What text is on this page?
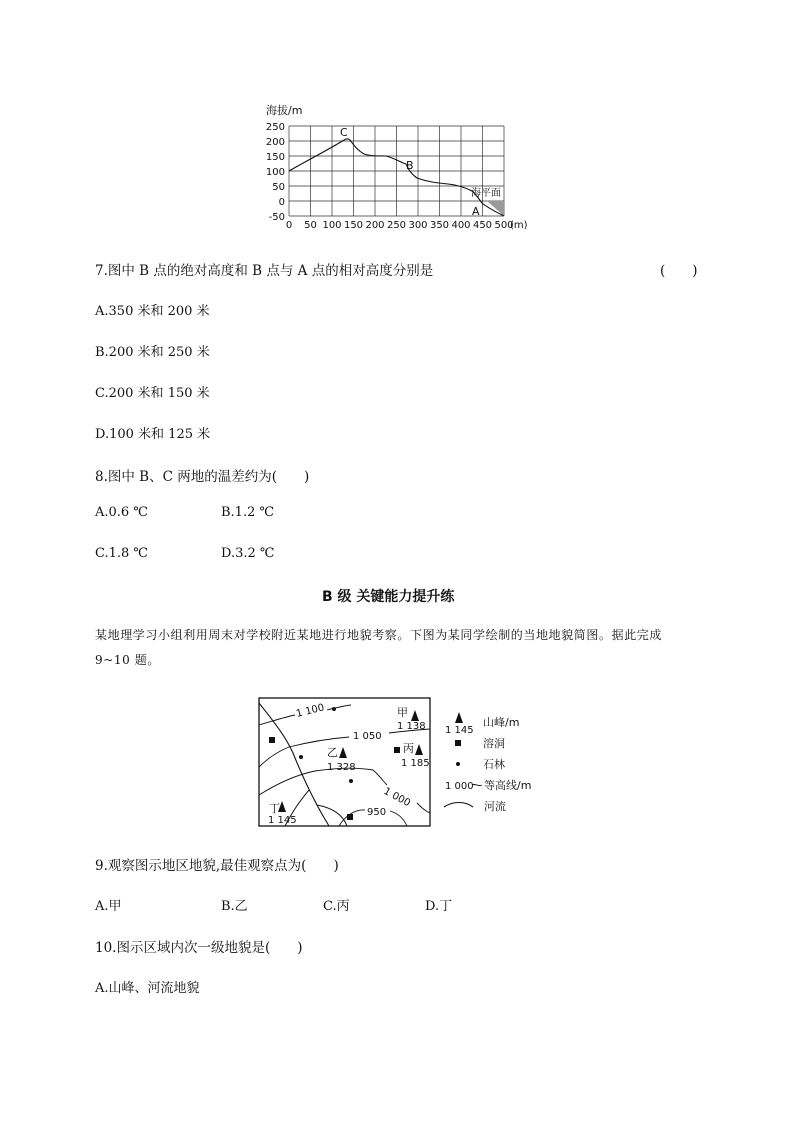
海拔/m
250
200
150
100
50
0
-50
0 50 100 150 200 250 300 350 400 450 500
(m)
C
B
A
海平面
7.图中 B 点的绝对高度和 B 点与 A 点的相对高度分别是	(　　)
A.350 米和 200 米
B.200 米和 250 米
C.200 米和 150 米
D.100 米和 125 米
8.图中 B、C 两地的温差约为(　　)
A.0.6 ℃	B.1.2 ℃
C.1.8 ℃	D.3.2 ℃
B 级 关键能力提升练
某地理学习小组利用周末对学校附近某地进行地貌考察。下图为某同学绘制的当地地貌简图。据此完成 9~10 题。
1 100
1 050
1 000
950
甲
1 138
乙
1 328
丙
1 185
丁
1 145
1 145
山峰/m
溶洞
石林
1 000 等高线/m
河流
9.观察图示地区地貌,最佳观察点为(　　)
A.甲	B.乙	C.丙	D.丁
10.图示区域内次一级地貌是(　　)
A.山峰、河流地貌
